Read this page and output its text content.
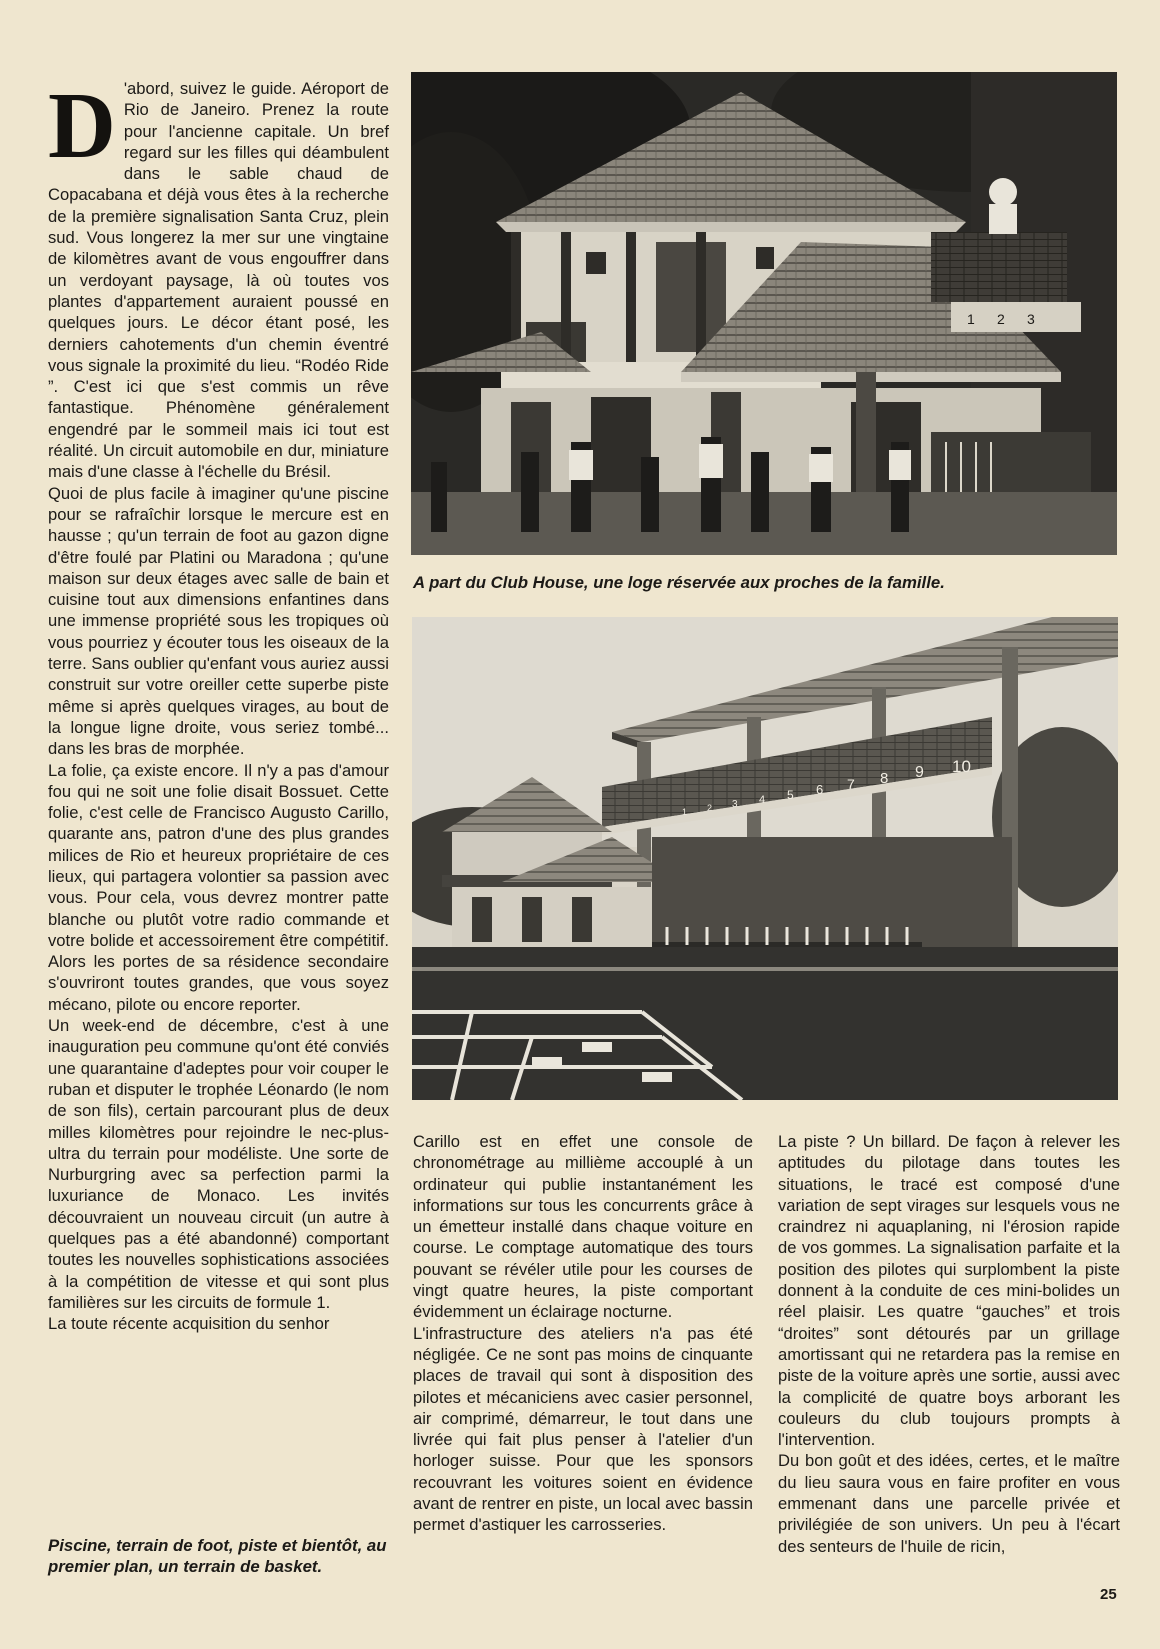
D 'abord, suivez le guide. Aéroport de Rio de Janeiro. Prenez la route pour l'ancienne capitale. Un bref regard sur les filles qui déambulent dans le sable chaud de Copacabana et déjà vous êtes à la recherche de la première signalisation Santa Cruz, plein sud. Vous longerez la mer sur une vingtaine de kilomètres avant de vous engouffrer dans un verdoyant paysage, là où toutes vos plantes d'appartement auraient poussé en quelques jours. Le décor étant posé, les derniers cahotements d'un chemin éventré vous signale la proximité du lieu. “Rodéo Ride ”. C'est ici que s'est commis un rêve fantastique. Phénomène généralement engendré par le sommeil mais ici tout est réalité. Un circuit automobile en dur, miniature mais d'une classe à l'échelle du Brésil.

Quoi de plus facile à imaginer qu'une piscine pour se rafraîchir lorsque le mercure est en hausse ; qu'un terrain de foot au gazon digne d'être foulé par Platini ou Maradona ; qu'une maison sur deux étages avec salle de bain et cuisine tout aux dimensions enfantines dans une immense propriété sous les tropiques où vous pourriez y écouter tous les oiseaux de la terre. Sans oublier qu'enfant vous auriez aussi construit sur votre oreiller cette superbe piste même si après quelques virages, au bout de la longue ligne droite, vous seriez tombé... dans les bras de morphée.

La folie, ça existe encore. Il n'y a pas d'amour fou qui ne soit une folie disait Bossuet. Cette folie, c'est celle de Francisco Augusto Carillo, quarante ans, patron d'une des plus grandes milices de Rio et heureux propriétaire de ces lieux, qui partagera volontier sa passion avec vous. Pour cela, vous devrez montrer patte blanche ou plutôt votre radio commande et votre bolide et accessoirement être compétitif. Alors les portes de sa résidence secondaire s'ouvriront toutes grandes, que vous soyez mécano, pilote ou encore reporter.

Un week-end de décembre, c'est à une inauguration peu commune qu'ont été conviés une quarantaine d'adeptes pour voir couper le ruban et disputer le trophée Léonardo (le nom de son fils), certain parcourant plus de deux milles kilomètres pour rejoindre le nec-plus-ultra du terrain pour modéliste. Une sorte de Nurburgring avec sa perfection parmi la luxuriance de Monaco. Les invités découvraient un nouveau circuit (un autre à quelques pas a été abandonné) comportant toutes les nouvelles sophistications associées à la compétition de vitesse et qui sont plus familières sur les circuits de formule 1.

La toute récente acquisition du senhor

1 2 3
A part du Club House, une loge réservée aux proches de la famille.
1 2 3 4 5 6 7 8 9 10

Carillo est en effet une console de chronométrage au millième accouplé à un ordinateur qui publie instantanément les informations sur tous les concurrents grâce à un émetteur installé dans chaque voiture en course. Le comptage automatique des tours pouvant se révéler utile pour les courses de vingt quatre heures, la piste comportant évidemment un éclairage nocturne.

L'infrastructure des ateliers n'a pas été négligée. Ce ne sont pas moins de cinquante places de travail qui sont à disposition des pilotes et mécaniciens avec casier personnel, air comprimé, démarreur, le tout dans une livrée qui fait plus penser à l'atelier d'un horloger suisse. Pour que les sponsors recouvrant les voitures soient en évidence avant de rentrer en piste, un local avec bassin permet d'astiquer les carrosseries.

La piste ? Un billard. De façon à relever les aptitudes du pilotage dans toutes les situations, le tracé est composé d'une variation de sept virages sur lesquels vous ne craindrez ni aquaplaning, ni l'érosion rapide de vos gommes. La signalisation parfaite et la position des pilotes qui surplombent la piste donnent à la conduite de ces mini-bolides un réel plaisir. Les quatre “gauches” et trois “droites” sont détourés par un grillage amortissant qui ne retardera pas la remise en piste de la voiture après une sortie, aussi avec la complicité de quatre boys arborant les couleurs du club toujours prompts à l'intervention.

Du bon goût et des idées, certes, et le maître du lieu saura vous en faire profiter en vous emmenant dans une parcelle privée et privilégiée de son univers. Un peu à l'écart des senteurs de l'huile de ricin,

Piscine, terrain de foot, piste et bientôt, au premier plan, un terrain de basket.
25
